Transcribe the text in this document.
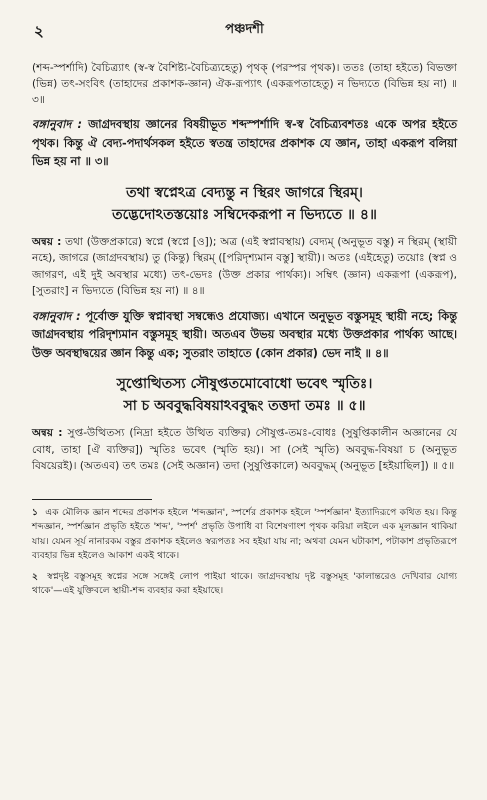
২	পঞ্চদশী

(শব্দ-স্পর্শাদি) বৈচিত্র্যাৎ (স্ব-স্ব বৈশিষ্ট্য-বৈচিত্র্যহেতু) পৃথক্ (পরস্পর পৃথক)। ততঃ (তাহা হইতে) বিভক্তা (ভিন্ন) তৎ-সংবিৎ (তাহাদের প্রকাশক-জ্ঞান) ঐক-রূপ্যাৎ (একরূপতাহেতু) ন ভিদ্যতে (বিভিন্ন হয় না) ॥ ৩॥

বঙ্গানুবাদ : জাগ্রদবস্থায় জ্ঞানের বিষয়ীভূত শব্দস্পর্শাদি স্ব-স্ব বৈচিত্র্যবশতঃ একে অপর হইতে পৃথক। কিন্তু ঐ বেদ্য-পদার্থসকল হইতে স্বতন্ত্র তাহাদের প্রকাশক যে জ্ঞান, তাহা একরূপ বলিয়া ভিন্ন হয় না ॥ ৩॥
তথা স্বপ্নেঽত্র বেদ্যন্তু ন স্থিরং জাগরে স্থিরম্।
তদ্ভেদোঽতস্তয়োঃ সম্বিদেকরূপা ন ভিদ্যতে ॥ ৪॥
অন্বয় : তথা (উক্তপ্রকারে) স্বপ্নে (স্বপ্নে [ও]); অত্র (এই স্বপ্নাবস্থায়) বেদ্যম্ (অনুভূত বস্তু) ন স্থিরম্ (স্থায়ী নহে), জাগরে (জাগ্রদবস্থায়) তু (কিন্তু) স্থিরম্ ([পরিদৃশ্যমান বস্তু] স্থায়ী)। অতঃ (এইহেতু) তয়োঃ (স্বপ্ন ও জাগরণ, এই দুই অবস্থার মধ্যে) তৎ-ভেদঃ (উক্ত প্রকার পার্থক্য)। সম্বিৎ (জ্ঞান) একরূপা (একরূপ), [সুতরাং] ন ভিদ্যতে (বিভিন্ন হয় না) ॥ ৪॥
বঙ্গানুবাদ : পূর্বোক্ত যুক্তি স্বপ্নাবস্থা সম্বন্ধেও প্রযোজ্য। এখানে অনুভূত বস্তুসমূহ স্থায়ী নহে; কিন্তু জাগ্রদবস্থায় পরিদৃশ্যমান বস্তুসমূহ স্থায়ী। অতএব উভয় অবস্থার মধ্যে উক্তপ্রকার পার্থক্য আছে। উক্ত অবস্থাদ্বয়ের জ্ঞান কিন্তু এক; সুতরাং তাহাতে (কোন প্রকার) ভেদ নাই ॥ ৪॥
সুপ্তোত্থিতস্য সৌষুপ্ততমোবোধো ভবেৎ স্মৃতিঃ।
সা চ অববুদ্ধবিষয়াঽববুদ্ধং তত্তদা তমঃ ॥ ৫॥
অন্বয় : সুপ্ত-উত্থিতস্য (নিদ্রা হইতে উত্থিত ব্যক্তির) সৌষুপ্ত-তমঃ-বোধঃ (সুষুপ্তিকালীন অজ্ঞানের যে বোধ, তাহা [ঐ ব্যক্তির]) স্মৃতিঃ ভবেৎ (স্মৃতি হয়)। সা (সেই স্মৃতি) অববুদ্ধ-বিষয়া চ (অনুভূত বিষয়েরই)। (অতএব) তৎ তমঃ (সেই অজ্ঞান) তদা (সুষুপ্তিকালে) অববুদ্ধম্ (অনুভূত [হইয়াছিল]) ॥ ৫॥

১ এক মৌলিক জ্ঞান শব্দের প্রকাশক হইলে 'শব্দজ্ঞান', স্পর্শের প্রকাশক হইলে 'স্পর্শজ্ঞান' ইত্যাদিরূপে কথিত হয়। কিন্তু শব্দজ্ঞান, স্পর্শজ্ঞান প্রভৃতি হইতে 'শব্দ', 'স্পর্শ' প্রভৃতি উপাধি বা বিশেষণাংশ পৃথক করিয়া লইলে এক মূলজ্ঞান থাকিয়া যায়। যেমন সূর্য নানারকম বস্তুর প্রকাশক হইলেও স্বরূপতঃ সব হইয়া যায় না; অথবা যেমন ঘটাকাশ, পটাকাশ প্রভৃতিরূপে ব্যবহার ভিন্ন হইলেও আকাশ একই থাকে।

২ স্বপ্নদৃষ্ট বস্তুসমূহ স্বপ্নের সঙ্গে সঙ্গেই লোপ পাইয়া থাকে। জাগ্রদবস্থায় দৃষ্ট বস্তুসমূহ 'কালান্তরেও দেখিবার যোগ্য থাকে'—এই যুক্তিবলে স্থায়ী-শব্দ ব্যবহার করা হইয়াছে।
